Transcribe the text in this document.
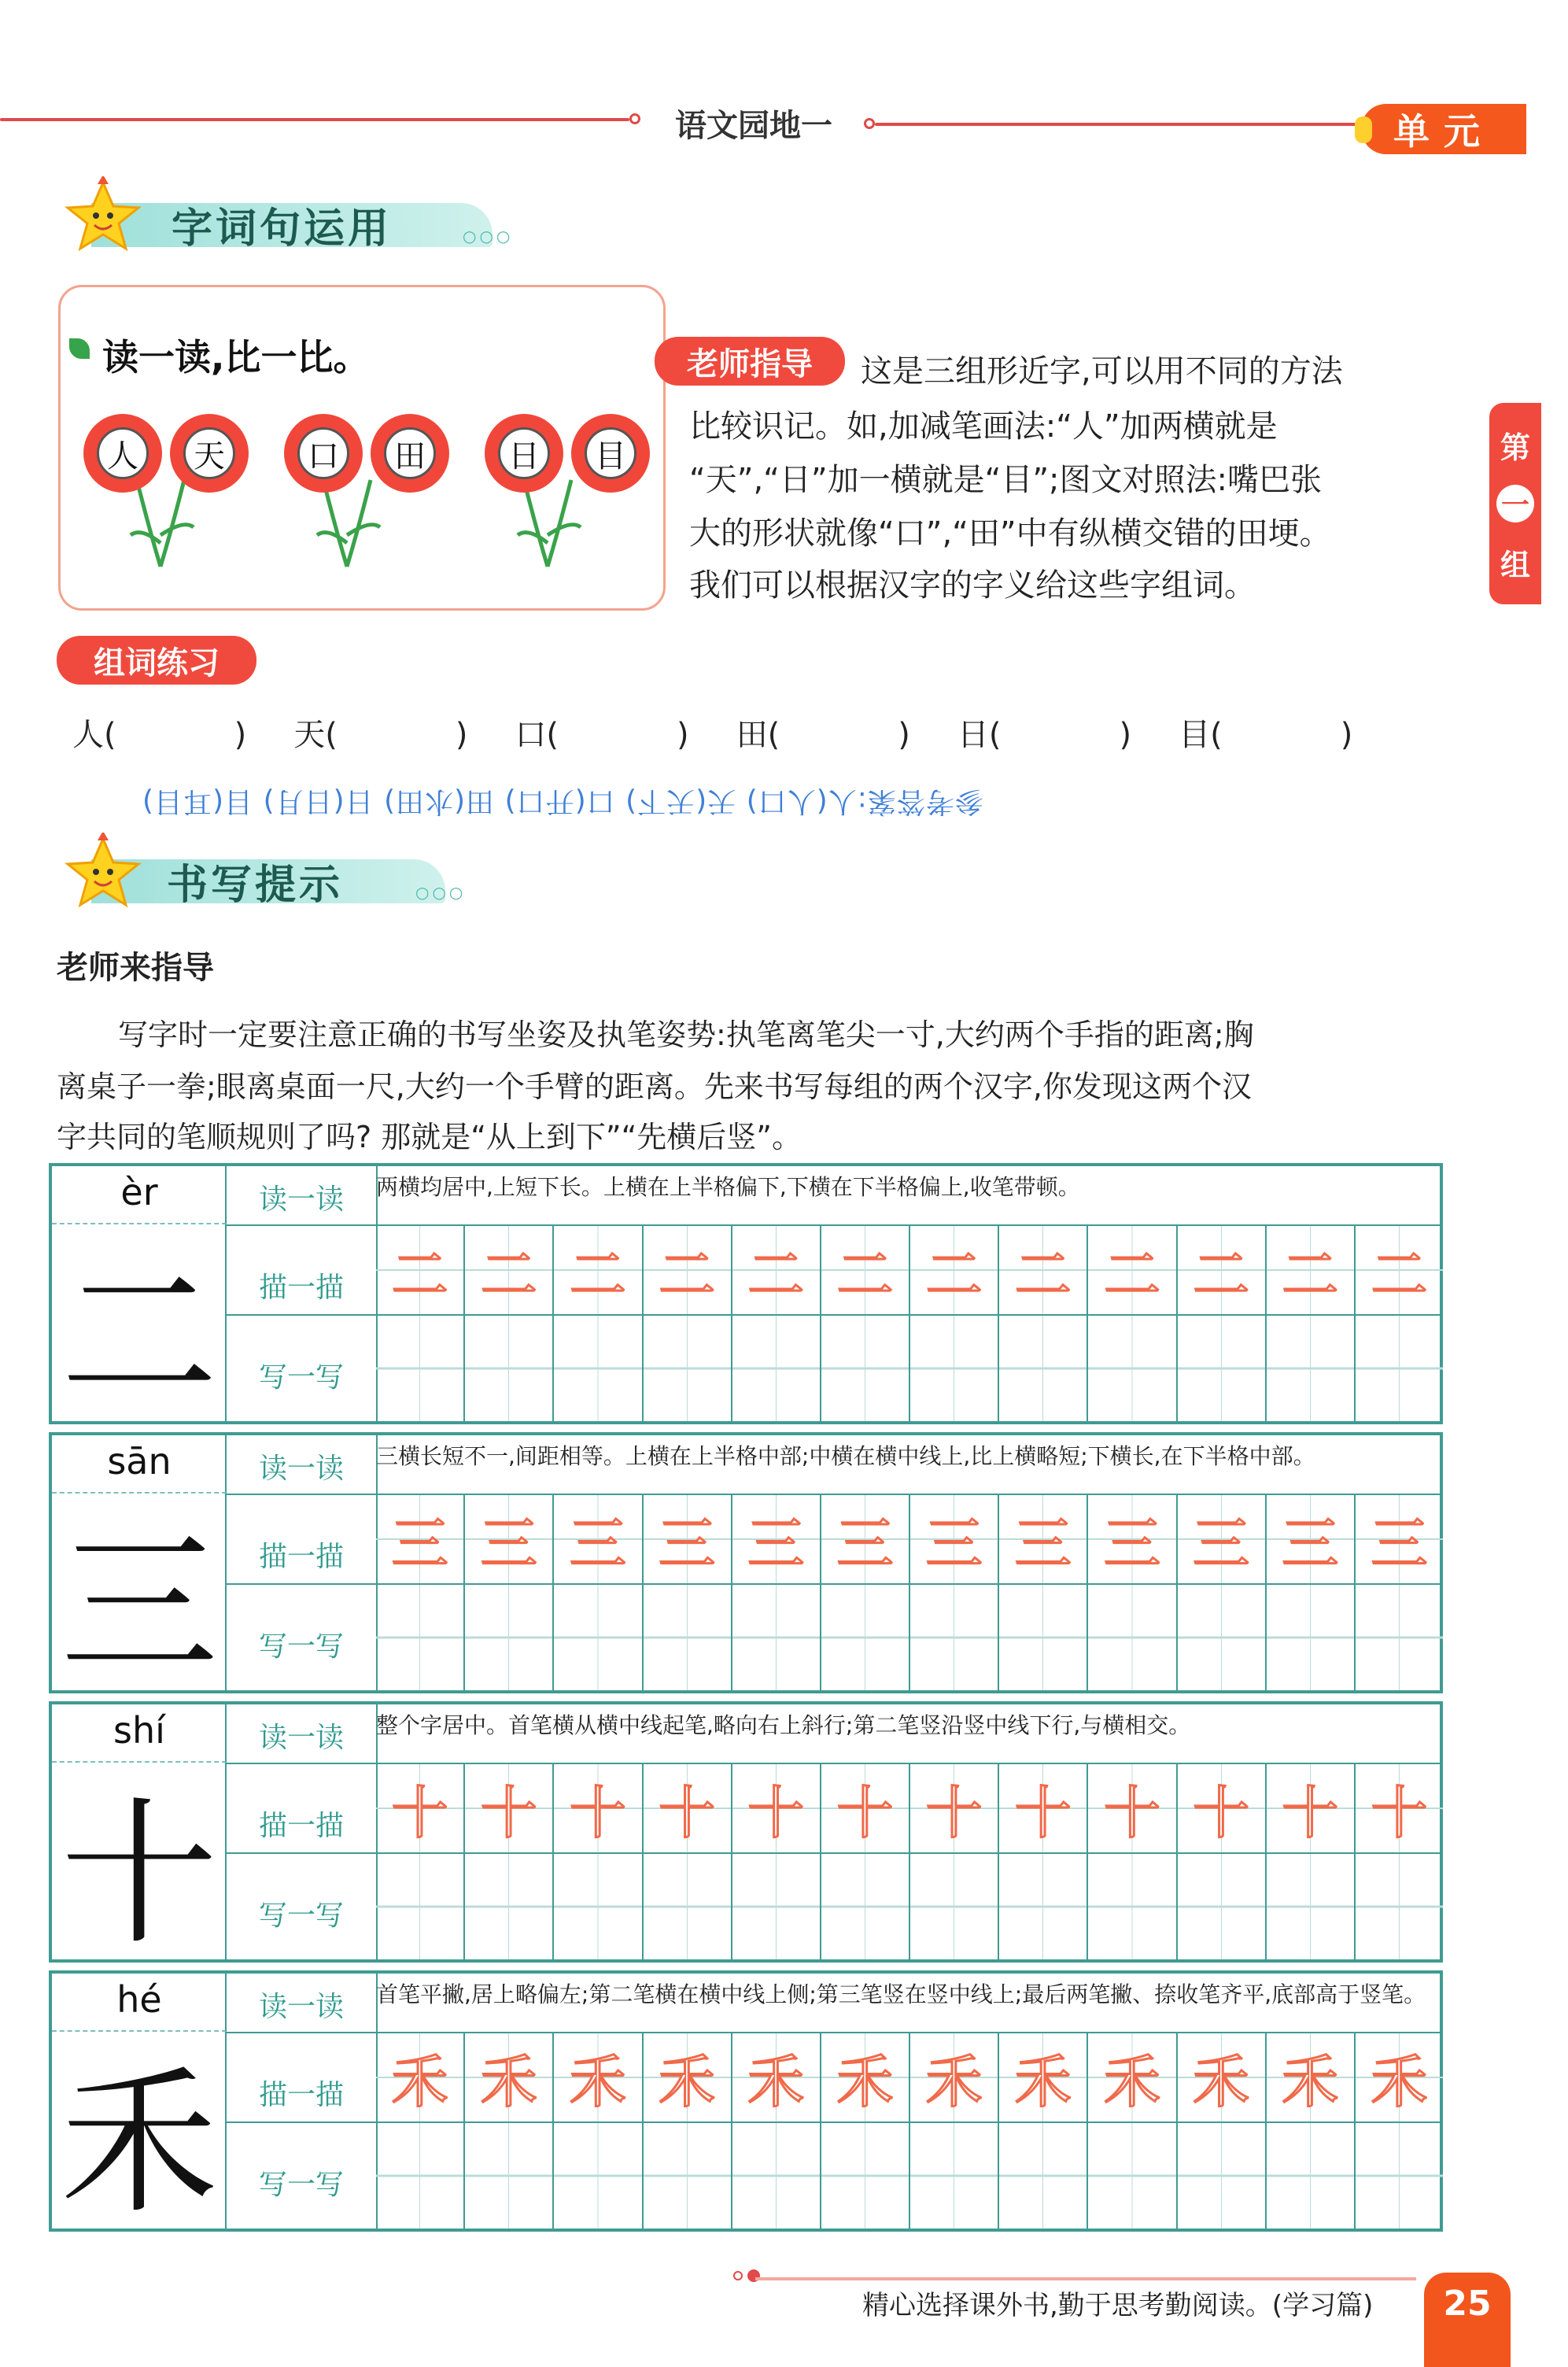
语文园地一	单元
第
一
组
字词句运用	○○○
读一读,比一比。
人	天	口	田	日	目
老师指导	这是三组形近字,可以用不同的方法
比较识记。如,加减笔画法:“人”加两横就是
“天”,“日”加一横就是“目”;图文对照法:嘴巴张
大的形状就像“口”,“田”中有纵横交错的田埂。
我们可以根据汉字的字义给这些字组词。
组词练习
人(	) 天(	) 口(	) 田(	) 日(	) 目(	)
参考答案:人(人口) 天(天下) 口(开口) 田(水田) 日(日月) 目(耳目)
书写提示	○○○
老师来指导
写字时一定要注意正确的书写坐姿及执笔姿势:执笔离笔尖一寸,大约两个手指的距离;胸
离桌子一拳;眼离桌面一尺,大约一个手臂的距离。先来书写每组的两个汉字,你发现这两个汉
字共同的笔顺规则了吗? 那就是“从上到下”“先横后竖”。
èr
二
读一读
描一描
写一写
两横均居中,上短下长。上横在上半格偏下,下横在下半格偏上,收笔带顿。
二 二 二 二 二 二 二 二 二 二 二 二
sān
三
读一读
描一描
写一写
三横长短不一,间距相等。上横在上半格中部;中横在横中线上,比上横略短;下横长,在下半格中部。
三 三 三 三 三 三 三 三 三 三 三 三
shí
十
读一读
描一描
写一写
整个字居中。首笔横从横中线起笔,略向右上斜行;第二笔竖沿竖中线下行,与横相交。
十 十 十 十 十 十 十 十 十 十 十 十
hé
禾
读一读
描一描
写一写
首笔平撇,居上略偏左;第二笔横在横中线上侧;第三笔竖在竖中线上;最后两笔撇、捺收笔齐平,底部高于竖笔。
禾 禾 禾 禾 禾 禾 禾 禾 禾 禾 禾 禾
精心选择课外书,勤于思考勤阅读。(学习篇)	25
